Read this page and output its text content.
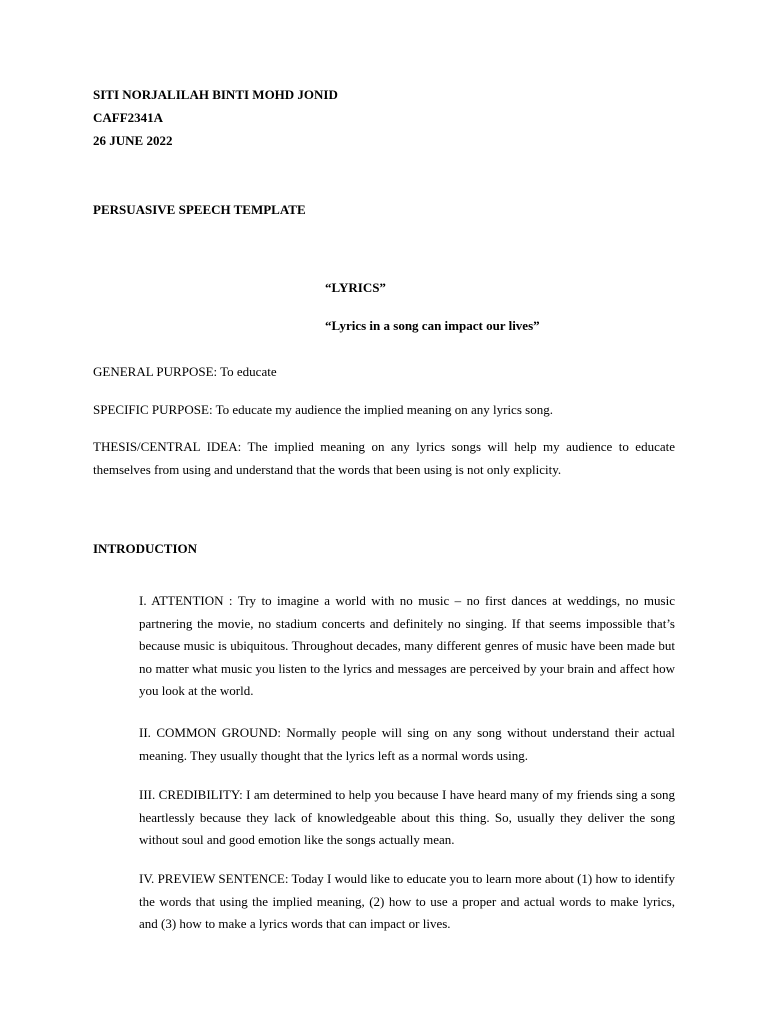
SITI NORJALILAH BINTI MOHD JONID
CAFF2341A
26 JUNE 2022
PERSUASIVE SPEECH TEMPLATE
“LYRICS”
“Lyrics in a song can impact our lives”
GENERAL PURPOSE: To educate
SPECIFIC PURPOSE: To educate my audience the implied meaning on any lyrics song.
THESIS/CENTRAL IDEA: The implied meaning on any lyrics songs will help my audience to educate themselves from using and understand that the words that been using is not only explicity.
INTRODUCTION
I. ATTENTION : Try to imagine a world with no music – no first dances at weddings, no music partnering the movie, no stadium concerts and definitely no singing. If that seems impossible that’s because music is ubiquitous. Throughout decades, many different genres of music have been made but no matter what music you listen to the lyrics and messages are perceived by your brain and affect how you look at the world.
II. COMMON GROUND: Normally people will sing on any song without understand their actual meaning. They usually thought that the lyrics left as a normal words using.
III. CREDIBILITY: I am determined to help you because I have heard many of my friends sing a song heartlessly because they lack of knowledgeable about this thing. So, usually they deliver the song without soul and good emotion like the songs actually mean.
IV. PREVIEW SENTENCE: Today I would like to educate you to learn more about (1) how to identify the words that using the implied meaning, (2) how to use a proper and actual words to make lyrics, and (3) how to make a lyrics words that can impact or lives.
